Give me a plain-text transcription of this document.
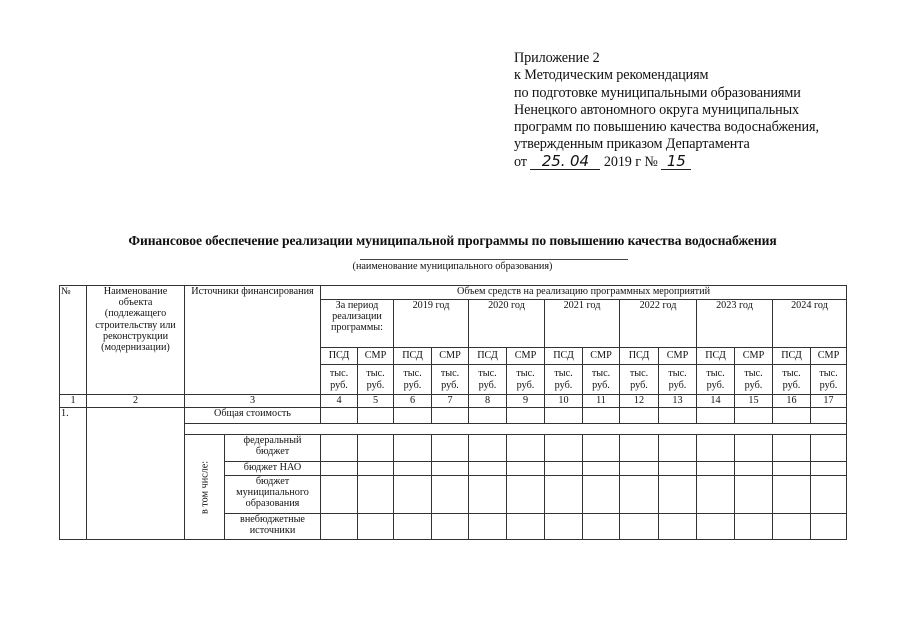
Приложение 2
к Методическим рекомендациям
по подготовке муниципальными образованиями
Ненецкого автономного округа муниципальных
программ по повышению качества водоснабжения,
утвержденным приказом Департамента
от 25. 04 2019 г № 15
Финансовое обеспечение реализации муниципальной программы по повышению качества водоснабжения
(наименование муниципального образования)
№	Наименование объекта (подлежащего строительству или реконструкции (модернизации)	Источники финансирования		Объем средств на реализацию программных мероприятий													
				За период реализации программы:		2019 год		2020 год		2021 год		2022 год		2023 год		2024 год	
				ПСД	СМР	ПСД	СМР	ПСД	СМР	ПСД	СМР	ПСД	СМР	ПСД	СМР	ПСД	СМР
				тыс. руб.	тыс. руб.	тыс. руб.	тыс. руб.	тыс. руб.	тыс. руб.	тыс. руб.	тыс. руб.	тыс. руб.	тыс. руб.	тыс. руб.	тыс. руб.	тыс. руб.	тыс. руб.
1	2	3		4	5	6	7	8	9	10	11	12	13	14	15	16	17
1.		Общая стоимость															

		в том числе:	федеральный бюджет														
			бюджет НАО														
			бюджет муниципального образования														
			внебюджетные источники														
